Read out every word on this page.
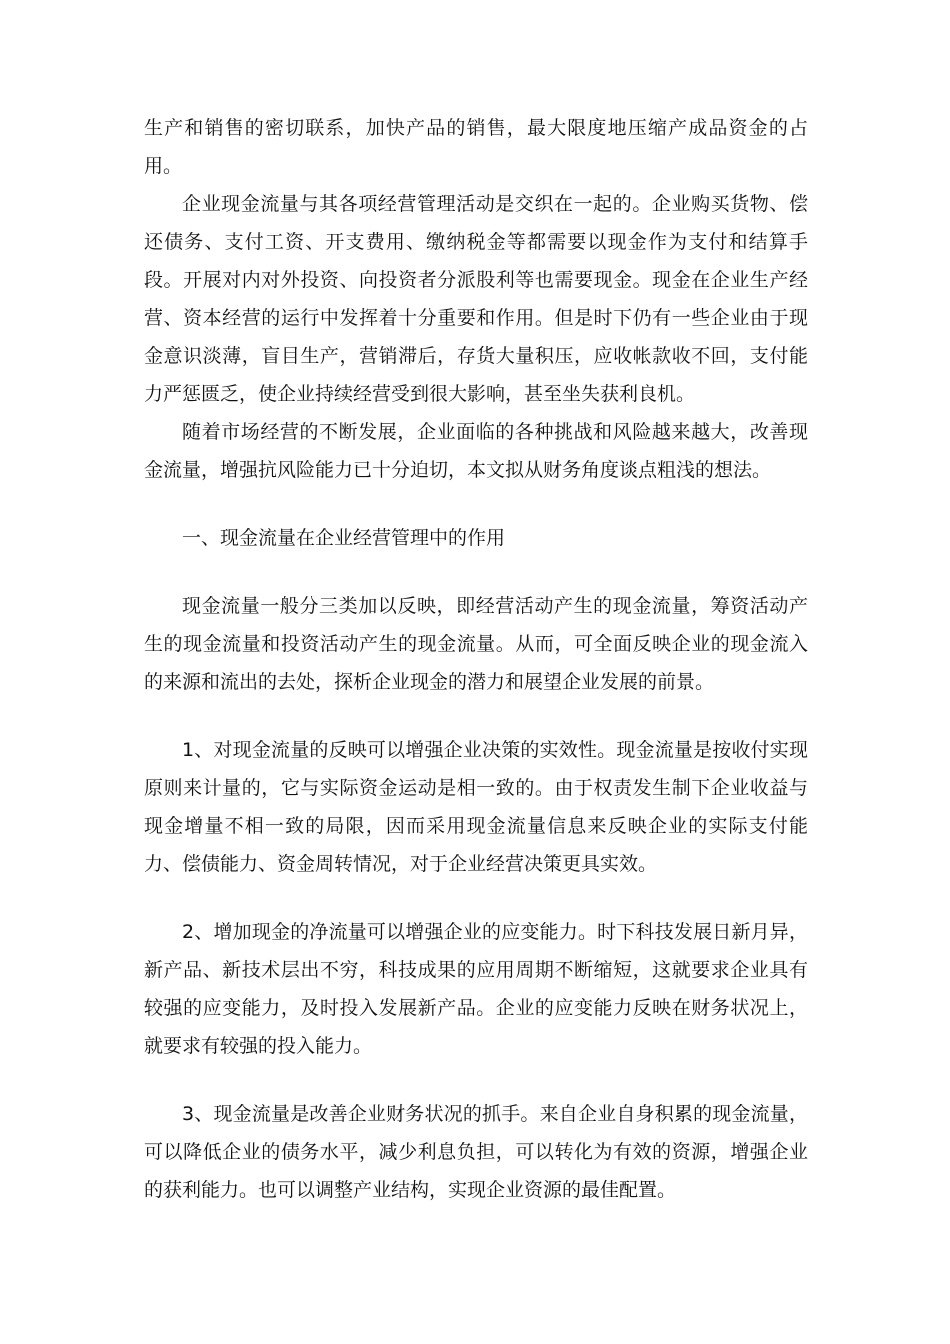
生产和销售的密切联系，加快产品的销售，最大限度地压缩产成品资金的占用。

企业现金流量与其各项经营管理活动是交织在一起的。企业购买货物、偿还债务、支付工资、开支费用、缴纳税金等都需要以现金作为支付和结算手段。开展对内对外投资、向投资者分派股利等也需要现金。现金在企业生产经营、资本经营的运行中发挥着十分重要和作用。但是时下仍有一些企业由于现金意识淡薄，盲目生产，营销滞后，存货大量积压，应收帐款收不回，支付能力严惩匮乏，使企业持续经营受到很大影响，甚至坐失获利良机。

随着市场经营的不断发展，企业面临的各种挑战和风险越来越大，改善现金流量，增强抗风险能力已十分迫切，本文拟从财务角度谈点粗浅的想法。

一、现金流量在企业经营管理中的作用

现金流量一般分三类加以反映，即经营活动产生的现金流量，筹资活动产生的现金流量和投资活动产生的现金流量。从而，可全面反映企业的现金流入的来源和流出的去处，探析企业现金的潜力和展望企业发展的前景。

1、对现金流量的反映可以增强企业决策的实效性。现金流量是按收付实现原则来计量的，它与实际资金运动是相一致的。由于权责发生制下企业收益与现金增量不相一致的局限，因而采用现金流量信息来反映企业的实际支付能力、偿债能力、资金周转情况，对于企业经营决策更具实效。

2、增加现金的净流量可以增强企业的应变能力。时下科技发展日新月异，新产品、新技术层出不穷，科技成果的应用周期不断缩短，这就要求企业具有较强的应变能力，及时投入发展新产品。企业的应变能力反映在财务状况上，就要求有较强的投入能力。

3、现金流量是改善企业财务状况的抓手。来自企业自身积累的现金流量，可以降低企业的债务水平，减少利息负担，可以转化为有效的资源，增强企业的获利能力。也可以调整产业结构，实现企业资源的最佳配置。
